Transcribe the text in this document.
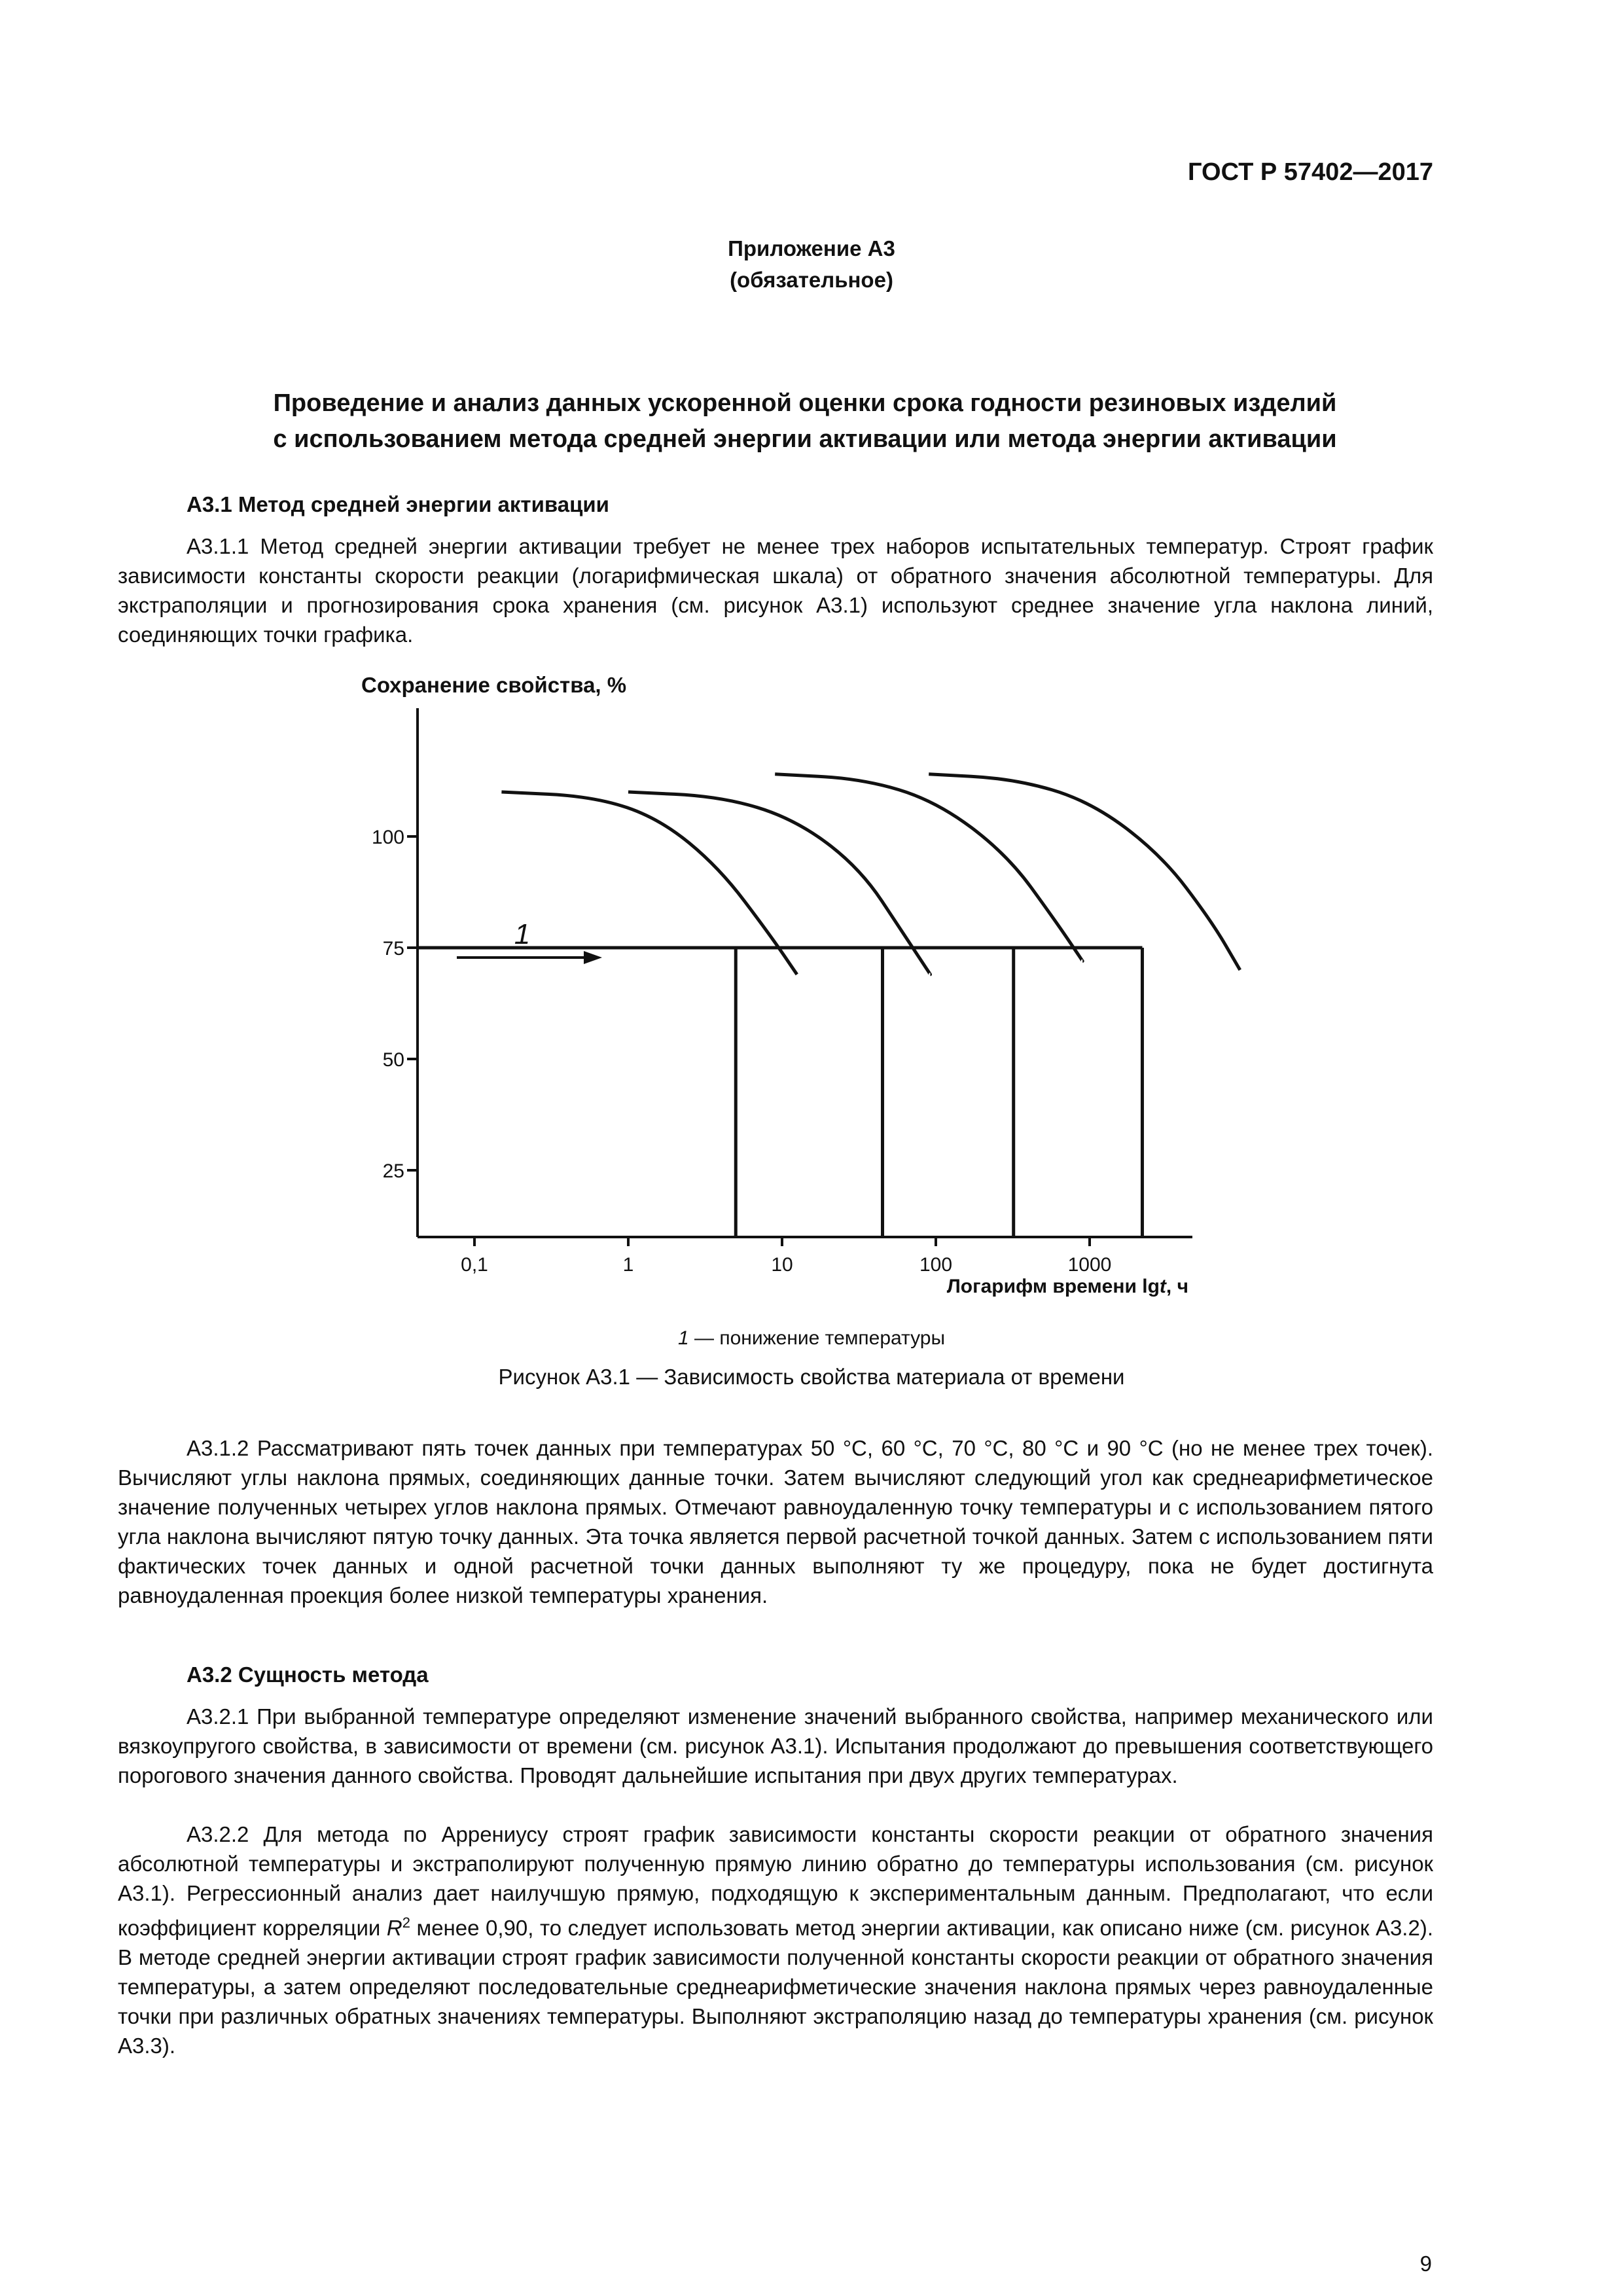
ГОСТ Р 57402—2017
Приложение А3
(обязательное)
Проведение и анализ данных ускоренной оценки срока годности резиновых изделий
с использованием метода средней энергии активации или метода энергии активации
А3.1 Метод средней энергии активации

А3.1.1 Метод средней энергии активации требует не менее трех наборов испытательных температур. Строят график зависимости константы скорости реакции (логарифмическая шкала) от обратного значения абсолютной температуры. Для экстраполяции и прогнозирования срока хранения (см. рисунок А3.1) используют среднее значение угла наклона линий, соединяющих точки графика.

Сохранение свойства, %
100
75
50
25
0,1	1	10	100	1000
1
Логарифм времени lgt, ч
1 — понижение температуры
Рисунок А3.1 — Зависимость свойства материала от времени

А3.1.2 Рассматривают пять точек данных при температурах 50 °С, 60 °С, 70 °С, 80 °С и 90 °С (но не менее трех точек). Вычисляют углы наклона прямых, соединяющих данные точки. Затем вычисляют следующий угол как среднеарифметическое значение полученных четырех углов наклона прямых. Отмечают равноудаленную точку температуры и с использованием пятого угла наклона вычисляют пятую точку данных. Эта точка является первой расчетной точкой данных. Затем с использованием пяти фактических точек данных и одной расчетной точки данных выполняют ту же процедуру, пока не будет достигнута равноудаленная проекция более низкой температуры хранения.

А3.2 Сущность метода

А3.2.1 При выбранной температуре определяют изменение значений выбранного свойства, например механического или вязкоупругого свойства, в зависимости от времени (см. рисунок А3.1). Испытания продолжают до превышения соответствующего порогового значения данного свойства. Проводят дальнейшие испытания при двух других температурах.

А3.2.2 Для метода по Аррениусу строят график зависимости константы скорости реакции от обратного значения абсолютной температуры и экстраполируют полученную прямую линию обратно до температуры использования (см. рисунок А3.1). Регрессионный анализ дает наилучшую прямую, подходящую к экспериментальным данным. Предполагают, что если коэффициент корреляции $R^2$ менее 0,90, то следует использовать метод энергии активации, как описано ниже (см. рисунок А3.2). В методе средней энергии активации строят график зависимости полученной константы скорости реакции от обратного значения температуры, а затем определяют последовательные среднеарифметические значения наклона прямых через равноудаленные точки при различных обратных значениях температуры. Выполняют экстраполяцию назад до температуры хранения (см. рисунок А3.3).

9
